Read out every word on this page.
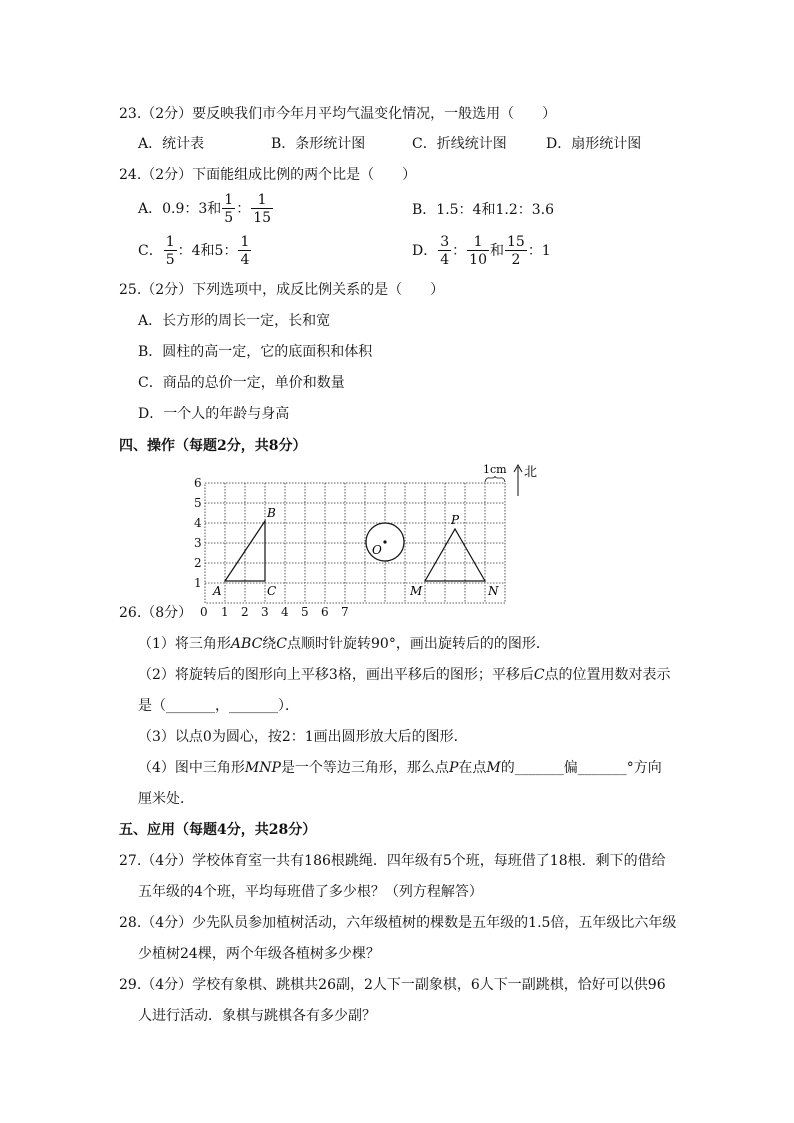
23.（2分）要反映我们市今年月平均气温变化情况，一般选用（　　）
A．统计表	B．条形统计图	C．折线统计图	D．扇形统计图
24.（2分）下面能组成比例的两个比是（　　）
A．0.9：3和 $\frac{1}{5}$ ： $\frac{1}{15}$	B．1.5：4和1.2：3.6
C． $\frac{1}{5}$ ：4和5： $\frac{1}{4}$	D． $\frac{3}{4}$ ： $\frac{1}{10}$ 和 $\frac{15}{2}$ ：1
25.（2分）下列选项中，成反比例关系的是（　　）
A．长方形的周长一定，长和宽
B．圆柱的高一定，它的底面积和体积
C．商品的总价一定，单价和数量
D．一个人的年龄与身高
四、操作（每题2分，共8分）
1
2
3
4
5
6
0 1 2 3 4 5 6 7
A
B
C
O
P
M	N
1cm 北
26.（8分）
（1）将三角形ABC绕C点顺时针旋转90°，画出旋转后的的图形．
（2）将旋转后的图形向上平移3格，画出平移后的图形；平移后C点的位置用数对表示
是（_______，_______）．
（3）以点0为圆心，按2：1画出圆形放大后的图形．
（4）图中三角形MNP是一个等边三角形，那么点P在点M的_______偏_______°方向
厘米处．
五、应用（每题4分，共28分）
27.（4分）学校体育室一共有186根跳绳．四年级有5个班，每班借了18根．剩下的借给
五年级的4个班，平均每班借了多少根？（列方程解答）
28.（4分）少先队员参加植树活动，六年级植树的棵数是五年级的1.5倍，五年级比六年级
少植树24棵，两个年级各植树多少棵？
29.（4分）学校有象棋、跳棋共26副，2人下一副象棋，6人下一副跳棋，恰好可以供96
人进行活动．象棋与跳棋各有多少副？
